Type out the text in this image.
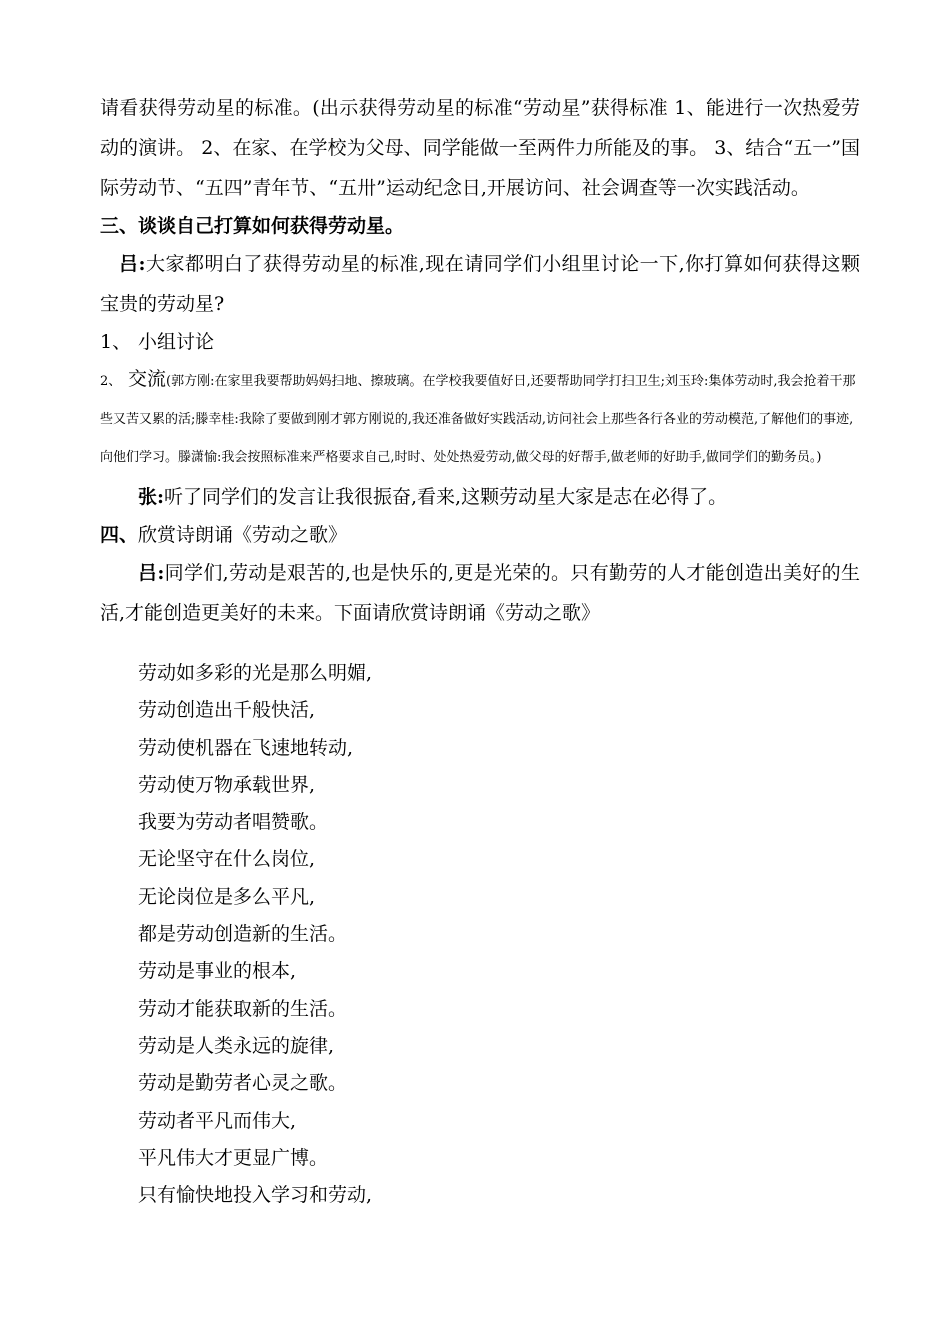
请看获得劳动星的标准。(出示获得劳动星的标准“劳动星”获得标准 1、能进行一次热爱劳动的演讲。 2、在家、在学校为父母、同学能做一至两件力所能及的事。 3、结合“五一”国际劳动节、“五四”青年节、“五卅”运动纪念日,开展访问、社会调查等一次实践活动。

三、谈谈自己打算如何获得劳动星。

吕:大家都明白了获得劳动星的标准,现在请同学们小组里讨论一下,你打算如何获得这颗宝贵的劳动星?

1、 小组讨论

2、 交流(郭方刚:在家里我要帮助妈妈扫地、擦玻璃。在学校我要值好日,还要帮助同学打扫卫生;刘玉玲:集体劳动时,我会抢着干那些又苦又累的活;滕幸桂:我除了要做到刚才郭方刚说的,我还准备做好实践活动,访问社会上那些各行各业的劳动模范,了解他们的事迹,向他们学习。滕潇愉:我会按照标准来严格要求自己,时时、处处热爱劳动,做父母的好帮手,做老师的好助手,做同学们的勤务员。)

张:听了同学们的发言让我很振奋,看来,这颗劳动星大家是志在必得了。

四、欣赏诗朗诵《劳动之歌》

吕:同学们,劳动是艰苦的,也是快乐的,更是光荣的。只有勤劳的人才能创造出美好的生活,才能创造更美好的未来。下面请欣赏诗朗诵《劳动之歌》

劳动如多彩的光是那么明媚,

劳动创造出千般快活,

劳动使机器在飞速地转动,

劳动使万物承载世界,

我要为劳动者唱赞歌。

无论坚守在什么岗位,

无论岗位是多么平凡,

都是劳动创造新的生活。

劳动是事业的根本,

劳动才能获取新的生活。

劳动是人类永远的旋律,

劳动是勤劳者心灵之歌。

劳动者平凡而伟大,

平凡伟大才更显广博。

只有愉快地投入学习和劳动,
